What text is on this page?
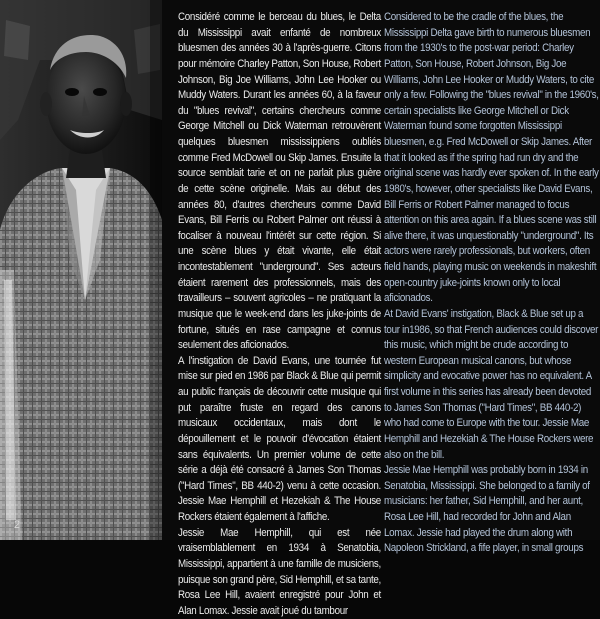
2

Considéré comme le berceau du blues, le Delta du Mississippi avait enfanté de nombreux bluesmen des années 30 à l'après-guerre. Citons pour mémoire Charley Patton, Son House, Robert Johnson, Big Joe Williams, John Lee Hooker ou Muddy Waters. Durant les années 60, à la faveur du "blues revival", certains chercheurs comme George Mitchell ou Dick Waterman retrouvèrent quelques bluesmen mississippiens oubliés comme Fred McDowell ou Skip James. Ensuite la source semblait tarie et on ne parlait plus guère de cette scène originelle. Mais au début des années 80, d'autres chercheurs comme David Evans, Bill Ferris ou Robert Palmer ont réussi à focaliser à nouveau l'intérêt sur cette région. Si une scène blues y était vivante, elle était incontestablement "underground". Ses acteurs étaient rarement des professionnels, mais des travailleurs – souvent agricoles – ne pratiquant la musique que le week-end dans les juke-joints de fortune, situés en rase campagne et connus seulement des aficionados.

A l'instigation de David Evans, une tournée fut mise sur pied en 1986 par Black & Blue qui permit au public français de découvrir cette musique qui put paraître fruste en regard des canons musicaux occidentaux, mais dont le dépouillement et le pouvoir d'évocation étaient sans équivalents. Un premier volume de cette série a déjà été consacré à James Son Thomas ("Hard Times", BB 440-2) venu à cette occasion. Jessie Mae Hemphill et Hezekiah & The House Rockers étaient également à l'affiche.

Jessie Mae Hemphill, qui est née vraisemblablement en 1934 à Senatobia, Mississippi, appartient à une famille de musiciens, puisque son grand père, Sid Hemphill, et sa tante, Rosa Lee Hill, avaient enregistré pour John et Alan Lomax. Jessie avait joué du tambour

Considered to be the cradle of the blues, the Mississippi Delta gave birth to numerous bluesmen from the 1930's to the post-war period: Charley Patton, Son House, Robert Johnson, Big Joe Williams, John Lee Hooker or Muddy Waters, to cite only a few. Following the "blues revival" in the 1960's, certain specialists like George Mitchell or Dick Waterman found some forgotten Mississippi bluesmen, e.g. Fred McDowell or Skip James. After that it looked as if the spring had run dry and the original scene was hardly ever spoken of. In the early 1980's, however, other specialists like David Evans, Bill Ferris or Robert Palmer managed to focus attention on this area again. If a blues scene was still alive there, it was unquestionably "underground". Its actors were rarely professionals, but workers, often field hands, playing music on weekends in makeshift open-country juke-joints known only to local aficionados.

At David Evans' instigation, Black & Blue set up a tour in1986, so that French audiences could discover this music, which might be crude according to western European musical canons, but whose simplicity and evocative power has no equivalent. A first volume in this series has already been devoted to James Son Thomas ("Hard Times", BB 440-2) who had come to Europe with the tour. Jessie Mae Hemphill and Hezekiah & The House Rockers were also on the bill.

Jessie Mae Hemphill was probably born in 1934 in Senatobia, Mississippi. She belonged to a family of musicians: her father, Sid Hemphill, and her aunt, Rosa Lee Hill, had recorded for John and Alan Lomax. Jessie had played the drum along with Napoleon Strickland, a fife player, in small groups
